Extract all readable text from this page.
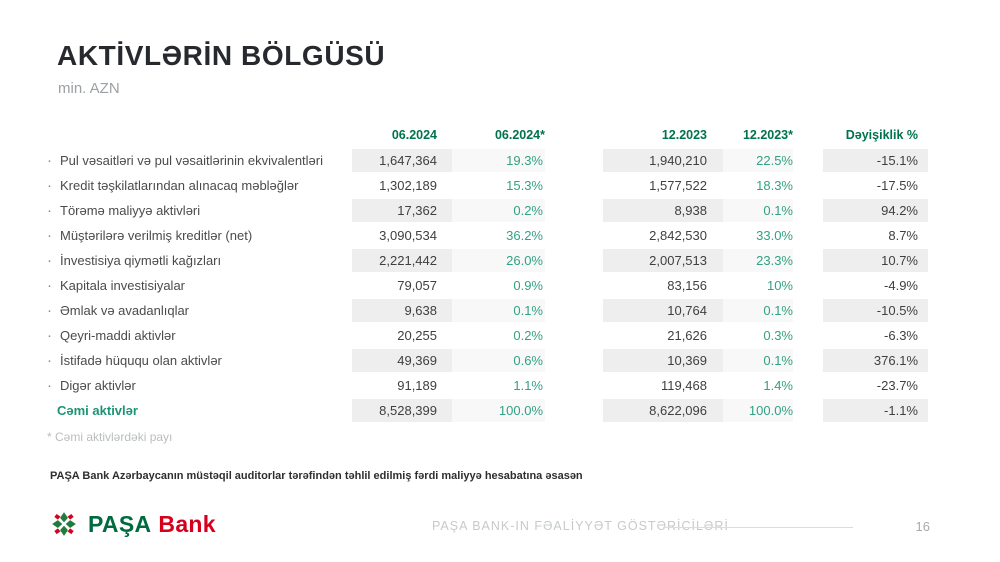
AKTİVLƏRİN BÖLGÜSÜ
min. AZN
06.2024	06.2024*	12.2023	12.2023*	Dəyişiklik %
· Pul vəsaitləri və pul vəsaitlərinin ekvivalentləri	1,647,364	19.3%	1,940,210	22.5%	-15.1%
· Kredit təşkilatlarından alınacaq məbləğlər	1,302,189	15.3%	1,577,522	18.3%	-17.5%
· Törəmə maliyyə aktivləri	17,362	0.2%	8,938	0.1%	94.2%
· Müştərilərə verilmiş kreditlər (net)	3,090,534	36.2%	2,842,530	33.0%	8.7%
· İnvestisiya qiymətli kağızları	2,221,442	26.0%	2,007,513	23.3%	10.7%
· Kapitala investisiyalar	79,057	0.9%	83,156	10%	-4.9%
· Əmlak və avadanlıqlar	9,638	0.1%	10,764	0.1%	-10.5%
· Qeyri-maddi aktivlər	20,255	0.2%	21,626	0.3%	-6.3%
· İstifadə hüququ olan aktivlər	49,369	0.6%	10,369	0.1%	376.1%
· Digər aktivlər	91,189	1.1%	119,468	1.4%	-23.7%
Cəmi aktivlər	8,528,399	100.0%	8,622,096	100.0%	-1.1%
* Cəmi aktivlərdəki payı
PAŞA Bank Azərbaycanın müstəqil auditorlar tərəfindən təhlil edilmiş fərdi maliyyə hesabatına əsasən
PAŞA Bank	PAŞA BANK-IN FƏALİYYƏT GÖSTƏRİCİLƏRİ	16
